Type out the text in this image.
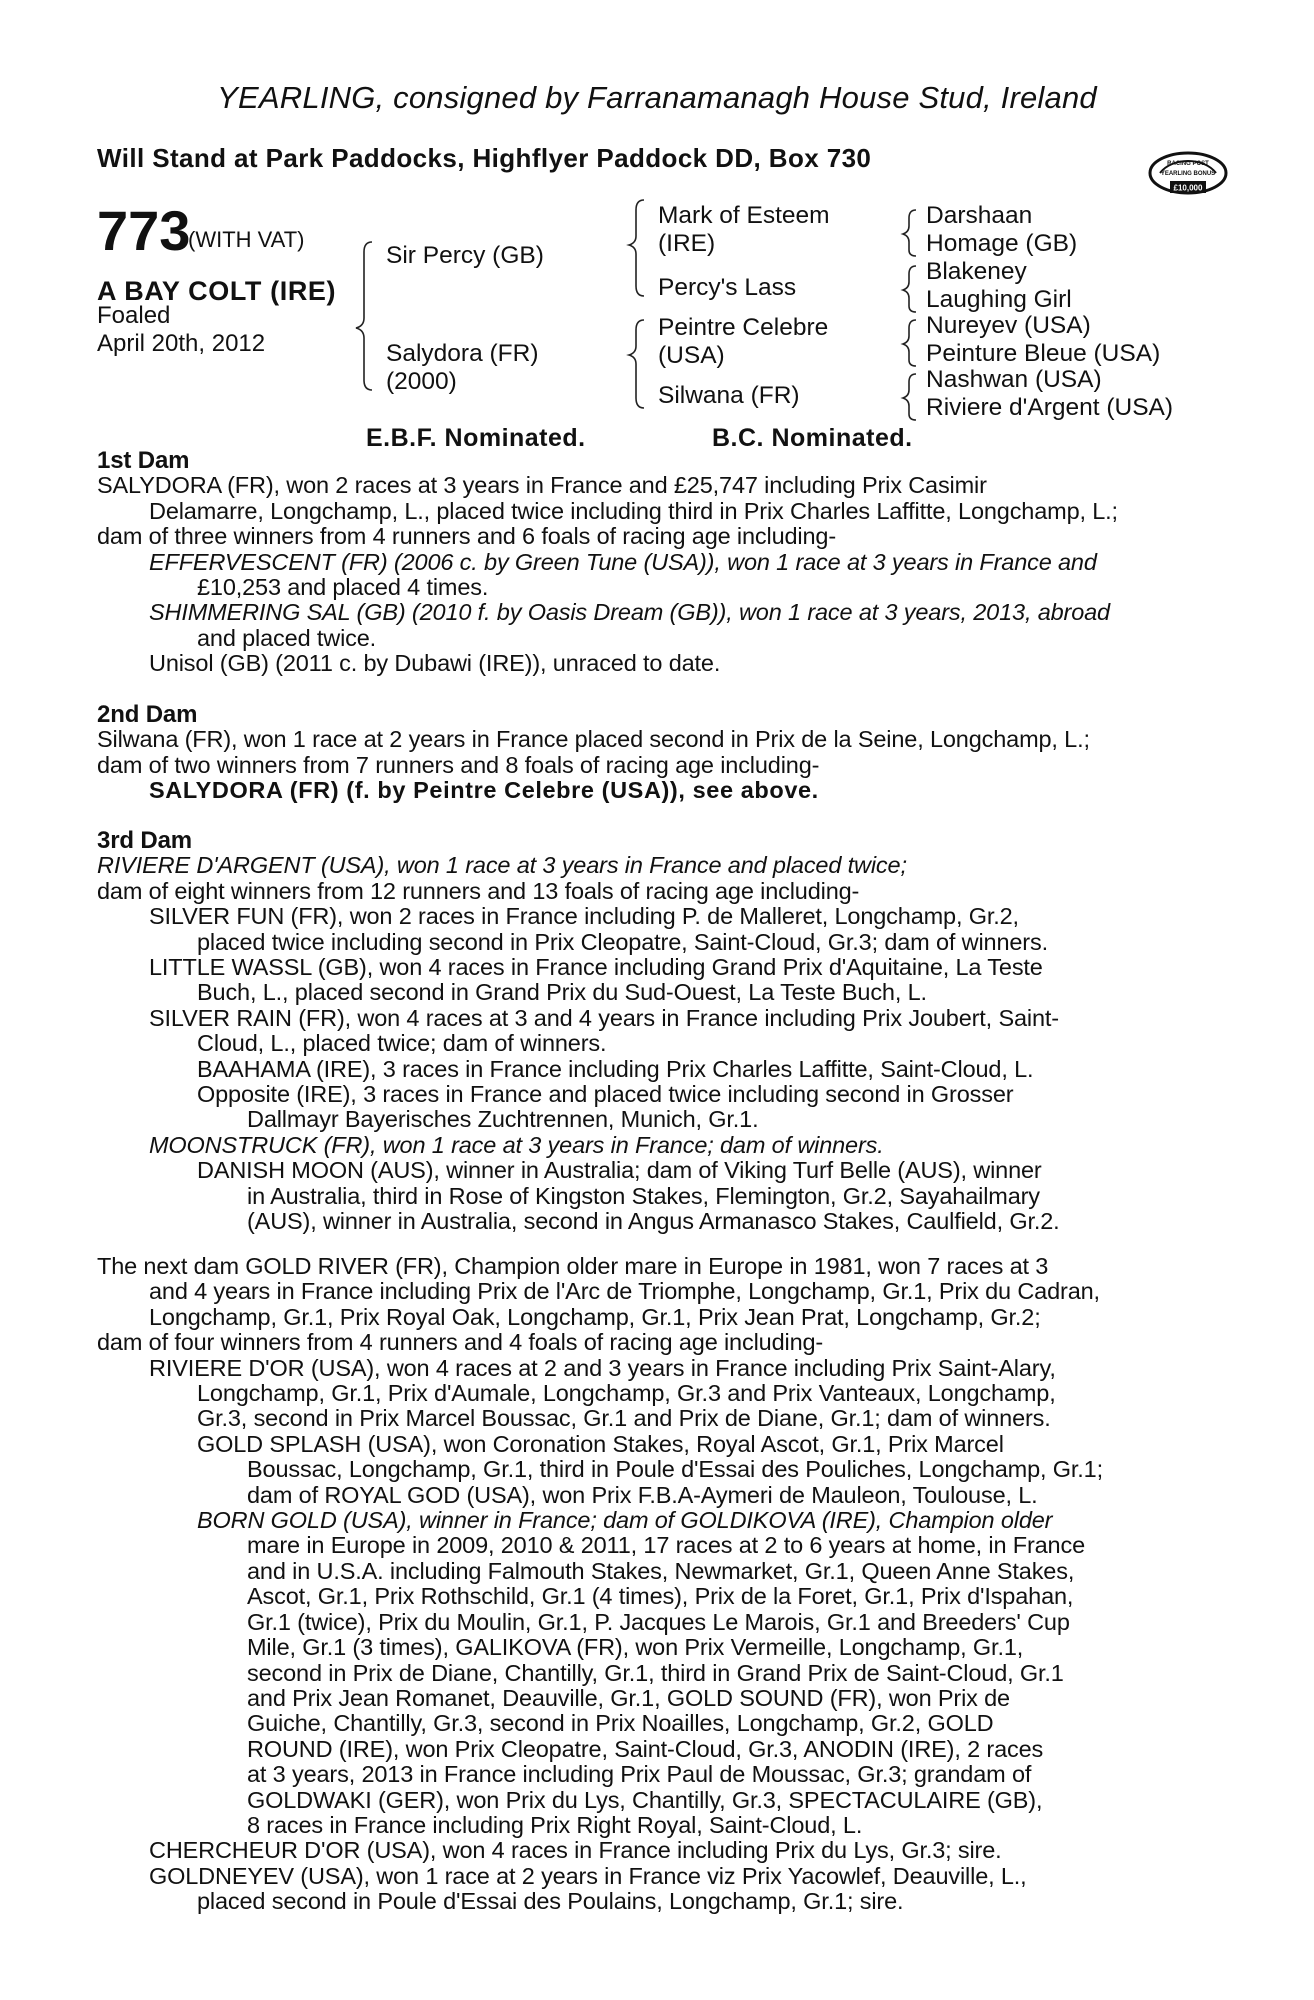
YEARLING, consigned by Farranamanagh House Stud, Ireland
Will Stand at Park Paddocks, Highflyer Paddock DD, Box 730	RACING POST
YEARLING BONUS
£10,000
773
(WITH VAT)
A BAY COLT (IRE)
Foaled
April 20th, 2012
Sir Percy (GB)
Salydora (FR)
(2000)
Mark of Esteem
(IRE)
Percy's Lass
Peintre Celebre
(USA)
Silwana (FR)
Darshaan
Homage (GB)
Blakeney
Laughing Girl
Nureyev (USA)
Peinture Bleue (USA)
Nashwan (USA)
Riviere d'Argent (USA)
E.B.F. Nominated.	B.C. Nominated.
1st Dam
SALYDORA (FR), won 2 races at 3 years in France and £25,747 including Prix Casimir
Delamarre, Longchamp, L., placed twice including third in Prix Charles Laffitte, Longchamp, L.;
dam of three winners from 4 runners and 6 foals of racing age including-
EFFERVESCENT (FR) (2006 c. by Green Tune (USA)), won 1 race at 3 years in France and
£10,253 and placed 4 times.
SHIMMERING SAL (GB) (2010 f. by Oasis Dream (GB)), won 1 race at 3 years, 2013, abroad
and placed twice.
Unisol (GB) (2011 c. by Dubawi (IRE)), unraced to date.
2nd Dam
Silwana (FR), won 1 race at 2 years in France placed second in Prix de la Seine, Longchamp, L.;
dam of two winners from 7 runners and 8 foals of racing age including-
SALYDORA (FR) (f. by Peintre Celebre (USA)), see above.
3rd Dam
RIVIERE D'ARGENT (USA), won 1 race at 3 years in France and placed twice;
dam of eight winners from 12 runners and 13 foals of racing age including-
SILVER FUN (FR), won 2 races in France including P. de Malleret, Longchamp, Gr.2,
placed twice including second in Prix Cleopatre, Saint-Cloud, Gr.3; dam of winners.
LITTLE WASSL (GB), won 4 races in France including Grand Prix d'Aquitaine, La Teste
Buch, L., placed second in Grand Prix du Sud-Ouest, La Teste Buch, L.
SILVER RAIN (FR), won 4 races at 3 and 4 years in France including Prix Joubert, Saint-
Cloud, L., placed twice; dam of winners.
BAAHAMA (IRE), 3 races in France including Prix Charles Laffitte, Saint-Cloud, L.
Opposite (IRE), 3 races in France and placed twice including second in Grosser
Dallmayr Bayerisches Zuchtrennen, Munich, Gr.1.
MOONSTRUCK (FR), won 1 race at 3 years in France; dam of winners.
DANISH MOON (AUS), winner in Australia; dam of Viking Turf Belle (AUS), winner
in Australia, third in Rose of Kingston Stakes, Flemington, Gr.2, Sayahailmary
(AUS), winner in Australia, second in Angus Armanasco Stakes, Caulfield, Gr.2.
The next dam GOLD RIVER (FR), Champion older mare in Europe in 1981, won 7 races at 3
and 4 years in France including Prix de l'Arc de Triomphe, Longchamp, Gr.1, Prix du Cadran,
Longchamp, Gr.1, Prix Royal Oak, Longchamp, Gr.1, Prix Jean Prat, Longchamp, Gr.2;
dam of four winners from 4 runners and 4 foals of racing age including-
RIVIERE D'OR (USA), won 4 races at 2 and 3 years in France including Prix Saint-Alary,
Longchamp, Gr.1, Prix d'Aumale, Longchamp, Gr.3 and Prix Vanteaux, Longchamp,
Gr.3, second in Prix Marcel Boussac, Gr.1 and Prix de Diane, Gr.1; dam of winners.
GOLD SPLASH (USA), won Coronation Stakes, Royal Ascot, Gr.1, Prix Marcel
Boussac, Longchamp, Gr.1, third in Poule d'Essai des Pouliches, Longchamp, Gr.1;
dam of ROYAL GOD (USA), won Prix F.B.A-Aymeri de Mauleon, Toulouse, L.
BORN GOLD (USA), winner in France; dam of GOLDIKOVA (IRE), Champion older
mare in Europe in 2009, 2010 & 2011, 17 races at 2 to 6 years at home, in France
and in U.S.A. including Falmouth Stakes, Newmarket, Gr.1, Queen Anne Stakes,
Ascot, Gr.1, Prix Rothschild, Gr.1 (4 times), Prix de la Foret, Gr.1, Prix d'Ispahan,
Gr.1 (twice), Prix du Moulin, Gr.1, P. Jacques Le Marois, Gr.1 and Breeders' Cup
Mile, Gr.1 (3 times), GALIKOVA (FR), won Prix Vermeille, Longchamp, Gr.1,
second in Prix de Diane, Chantilly, Gr.1, third in Grand Prix de Saint-Cloud, Gr.1
and Prix Jean Romanet, Deauville, Gr.1, GOLD SOUND (FR), won Prix de
Guiche, Chantilly, Gr.3, second in Prix Noailles, Longchamp, Gr.2, GOLD
ROUND (IRE), won Prix Cleopatre, Saint-Cloud, Gr.3, ANODIN (IRE), 2 races
at 3 years, 2013 in France including Prix Paul de Moussac, Gr.3; grandam of
GOLDWAKI (GER), won Prix du Lys, Chantilly, Gr.3, SPECTACULAIRE (GB),
8 races in France including Prix Right Royal, Saint-Cloud, L.
CHERCHEUR D'OR (USA), won 4 races in France including Prix du Lys, Gr.3; sire.
GOLDNEYEV (USA), won 1 race at 2 years in France viz Prix Yacowlef, Deauville, L.,
placed second in Poule d'Essai des Poulains, Longchamp, Gr.1; sire.
